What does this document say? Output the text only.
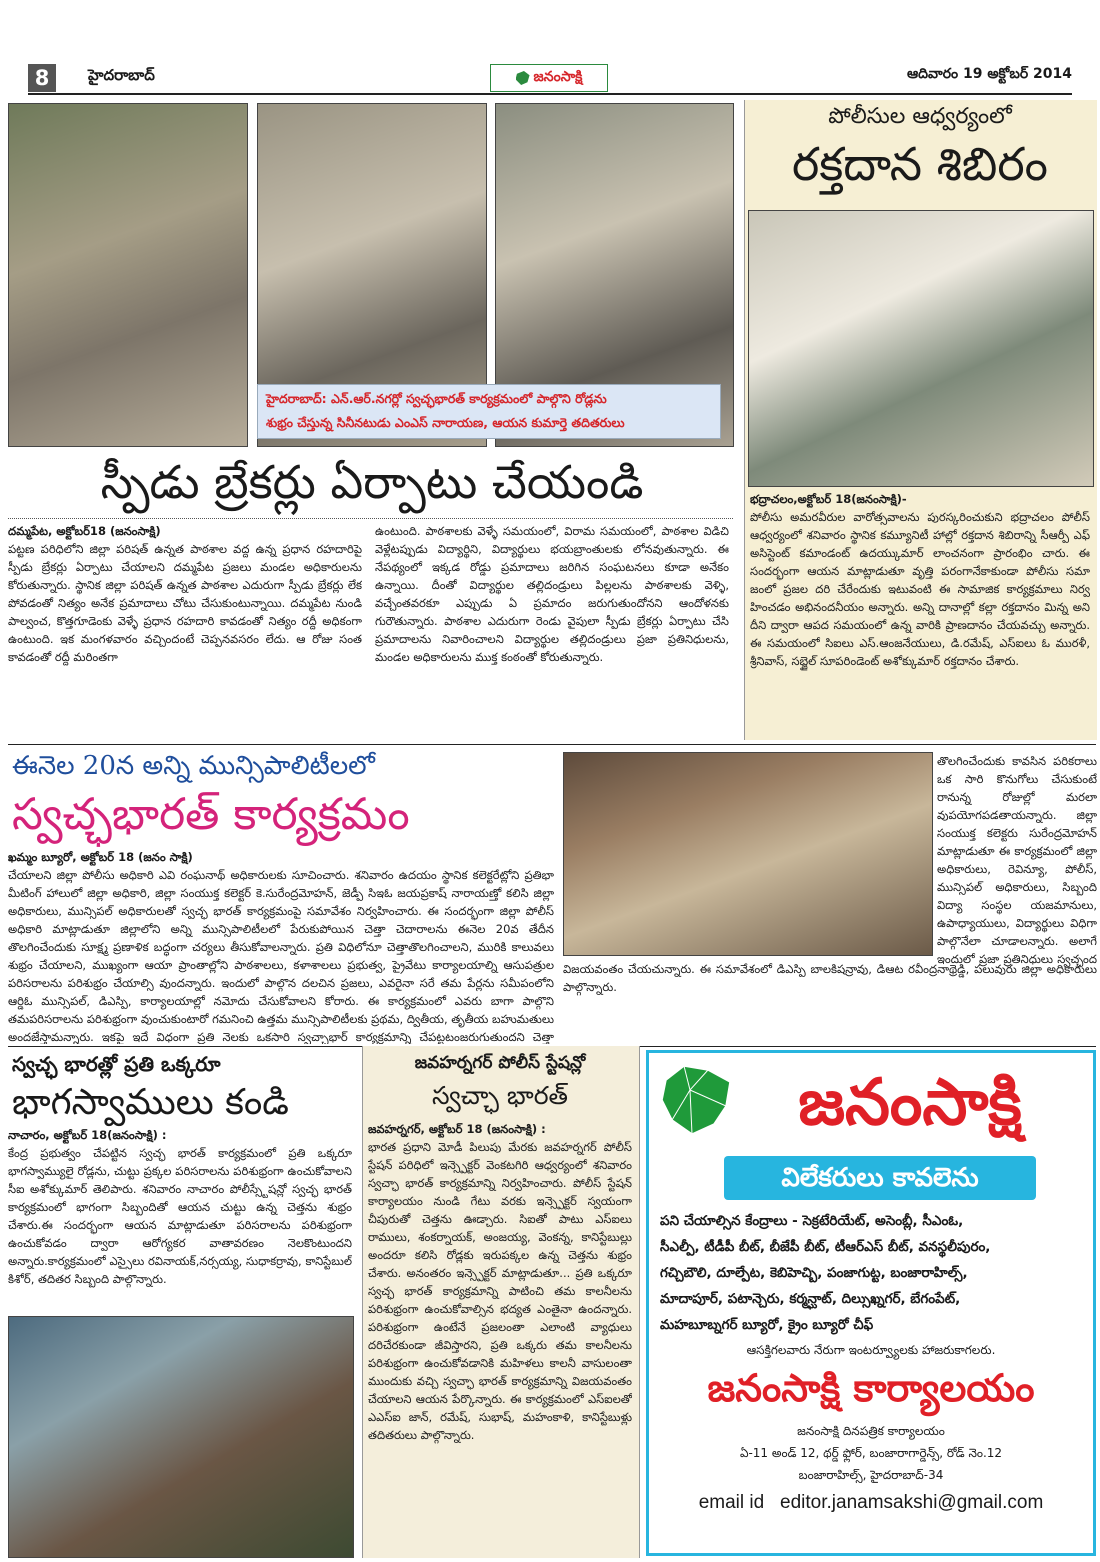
8	హైదరాబాద్	జనంసాక్షి	ఆదివారం 19 అక్టోబర్ 2014
హైదరాబాద్: ఎన్.ఆర్.నగర్లో స్వచ్ఛభారత్ కార్యక్రమంలో పాల్గొని రోడ్లను
శుభ్రం చేస్తున్న సినీనటుడు ఎంఎస్ నారాయణ, ఆయన కుమార్తె తదితరులు
స్పీడు బ్రేకర్లు ఏర్పాటు చేయండి
దమ్మపేట, అక్టోబర్18 (జనంసాక్షి)
పట్టణ పరిధిలోని జిల్లా పరిషత్ ఉన్నత పాఠశాల వద్ద ఉన్న ప్రధాన రహదారిపై స్పీడు బ్రేకర్లు ఏర్పాటు చేయాలని దమ్మపేట ప్రజలు మండల అధికారులను కోరుతున్నారు. స్థానిక జిల్లా పరిషత్ ఉన్నత పాఠశాల ఎదురుగా స్పీడు బ్రేకర్లు లేక పోవడంతో నిత్యం అనేక ప్రమాదాలు చోటు చేసుకుంటున్నాయి. దమ్మపేట నుండి పాల్వంచ, కొత్తగూడెంకు వెళ్ళే ప్రధాన రహదారి కావడంతో నిత్యం రద్దీ అధికంగా ఉంటుంది. ఇక మంగళవారం వచ్చిందంటే చెప్పనవసరం లేదు. ఆ రోజు సంత కావడంతో రద్దీ మరింతగా
ఉంటుంది. పాఠశాలకు వెళ్ళే సమయంలో, విరామ సమయంలో, పాఠశాల విడిచి వెళ్లేటప్పుడు విద్యార్థిని, విద్యార్థులు భయబ్రాంతులకు లోనవుతున్నారు. ఈ నేపథ్యంలో ఇక్కడ రోడ్డు ప్రమాదాలు జరిగిన సంఘటనలు కూడా అనేకం ఉన్నాయి. దీంతో విద్యార్థుల తల్లిదండ్రులు పిల్లలను పాఠశాలకు వెళ్ళి, వచ్చేంతవరకూ ఎప్పుడు ఏ ప్రమాదం జరుగుతుందోనని ఆందోళనకు గురౌతున్నారు. పాఠశాల ఎదురుగా రెండు వైపులా స్పీడు బ్రేకర్లు ఏర్పాటు చేసి ప్రమాదాలను నివారించాలని విద్యార్థుల తల్లిదండ్రులు ప్రజా ప్రతినిధులను, మండల అధికారులను ముక్త కంఠంతో కోరుతున్నారు.
పోలీసుల ఆధ్వర్యంలో
రక్తదాన శిబిరం
భద్రాచలం,అక్టోబర్ 18(జనంసాక్షి)-
పోలీసు అమరవీరుల వారోత్సవాలను పురస్కరించుకుని భద్రాచలం పోలీస్ ఆధ్వర్యంలో శనివారం స్థానిక కమ్యూనిటీ హాల్లో రక్తదాన శిబిరాన్ని సీఆర్పీ ఎఫ్ అసిస్టెంట్ కమాండంట్ ఉదయ్కుమార్ లాంచనంగా ప్రారంభిం చారు. ఈ సందర్భంగా ఆయన మాట్లాడుతూ వృత్తి పరంగానేకాకుండా పోలీసు సమా జంలో ప్రజల దరి చేరేందుకు ఇటువంటి ఈ సామాజిక కార్యక్రమాలు నిర్వ హించడం అభినందనీయం అన్నారు. అన్ని దానాల్లో కల్లా రక్తదానం మిన్న అని దీని ద్వారా ఆపద సమయంలో ఉన్న వారికి ప్రాణదానం చేయవచ్చు అన్నారు. ఈ సమయంలో సిఐలు ఎస్.ఆంజనేయులు, డి.రమేష్, ఎస్ఐలు ఓ మురళీ, శ్రీనివాస్, సబ్జైల్ సూపరిండెంట్ అశోక్కుమార్ రక్తదానం చేశారు.
ఈనెల 20న అన్ని మున్సిపాలిటీలలో
స్వచ్ఛభారత్ కార్యక్రమం
ఖమ్మం బ్యూరో, అక్టోబర్ 18 (జనం సాక్షి)
చేయాలని జిల్లా పోలీసు అధికారి ఎవి రంఘనాథ్ అధికారులకు సూచించారు. శనివారం ఉదయం స్థానిక కలెక్టరేట్లోని ప్రతిభా మీటింగ్ హాలులో జిల్లా అధికారి, జిల్లా సంయుక్త కలెక్టర్ కె.సురేంద్రమోహన్, జెడ్పీ సిఇఓ జయప్రకాష్ నారాయణ్తో కలిసి జిల్లా అధికారులు, మున్సిపల్ అధికారులతో స్వచ్ఛ భారత్ కార్యక్రమంపై సమావేశం నిర్వహించారు. ఈ సందర్భంగా జిల్లా పోలీస్ అధికారి మాట్లాడుతూ జిల్లాలోని అన్ని మున్సిపాలిటీలలో పేరుకుపోయిన చెత్తా చెదారాలను ఈనెల 20వ తేదీన తొలగించేందుకు సూక్ష్మ ప్రణాళిక బద్ధంగా చర్యలు తీసుకోవాలన్నారు. ప్రతి విధిలోనూ చెత్తాతొలగించాలని, మురికి కాలువలు శుభ్రం చేయాలని, ముఖ్యంగా ఆయా ప్రాంతాల్లోని పాఠశాలలు, కళాశాలలు ప్రభుత్వ, ప్రైవేటు కార్యాలయాల్ని ఆసుపత్రుల పరిసరాలను పరిశుభ్రం చేయాల్సి వుందన్నారు. ఇందులో పాల్గొన దలచిన ప్రజలు, ఎవరైనా సరే తమ పేర్లను సమీపంలోని ఆర్డిఓ మున్సిపల్, డిఎస్పి, కార్యాలయాల్లో నమోదు చేసుకోవాలని కోరారు. ఈ కార్యక్రమంలో ఎవరు బాగా పాల్గొని తమపరిసరాలను పరిశుభ్రంగా వుంచుకుంటారో గమనించి ఉత్తమ మున్సిపాలిటీలకు ప్రథమ, ద్వితీయ, తృతీయ బహుమతులు అందజేస్తామన్నారు. ఇకపై ఇదే విధంగా ప్రతి నెలకు ఒకసారి స్వచ్ఛాభార్ కార్యక్రమాన్ని చేపట్టటంజరుగుతుందని చెత్తా
తొలగించేందుకు కావసిన పరికరాలు ఒక సారి కొనుగోలు చేసుకుంటే రానున్న రోజుల్లో మరలా వుపయోగపడతాయన్నారు. జిల్లా సంయుక్త కలెక్టరు సురేంద్రమోహన్ మాట్లాడుతూ ఈ కార్యక్రమంలో జిల్లా అధికారులు, రెవిన్యూ, పోలీస్, మున్సిపల్ అధికారులు, సిబ్బంది విద్యా సంస్థల యజమానులు, ఉపాధ్యాయులు, విద్యార్థులు విధిగా పాల్గొనేలా చూడాలన్నారు. అలాగే ఇందులో ప్రజా ప్రతినిధులు స్వచ్ఛంద
విజయవంతం చేయచున్నారు. ఈ సమావేశంలో డిఎస్పి బాలకిషన్రావు, డిఆట రవీంద్రనాథ్రెడ్డి, పలువురు జిల్లా అధికారులు పాల్గొన్నారు.
స్వచ్ఛ భారత్లో ప్రతి ఒక్కరూ
భాగస్వాములు కండి
నాచారం, అక్టోబర్ 18(జనంసాక్షి) :
కేంద్ర ప్రభుత్వం చేపట్టిన స్వచ్ఛ భారత్ కార్యక్రమంలో ప్రతి ఒక్కరూ భాగస్వామ్యులై రోడ్లను, చుట్టు ప్రక్కల పరిసరాలను పరిశుభ్రంగా ఉంచుకోవాలని సీఐ అశోక్కుమార్ తెలిపారు. శనివారం నాచారం పోలీస్స్టేషన్లో స్వచ్ఛ భారత్ కార్యక్రమంలో భాగంగా సిబ్బందితో ఆయన చుట్టు ఉన్న చెత్తను శుభ్రం చేశారు.ఈ సందర్భంగా ఆయన మాట్లాడుతూ పరిసరాలను పరిశుభ్రంగా ఉంచుకోవడం ద్వారా ఆరోగ్యకర వాతావరణం నెలకొంటుందని అన్నారు.కార్యక్రమంలో ఎస్సైలు రవినాయక్,నర్సయ్య, సుధాకర్రావు, కానిస్టేబుల్ కిశోర్, తదితర సిబ్బంది పాల్గొన్నారు.
జవహర్నగర్ పోలీస్ స్టేషన్లో
స్వచ్ఛా భారత్
జవహర్నగర్, అక్టోబర్ 18 (జనంసాక్షి) :
భారత ప్రధాని మోడీ పిలుపు మేరకు జవహర్నగర్ పోలీస్ స్టేషన్ పరిధిలో ఇన్స్పెక్టర్ వెంకటగిరి ఆధ్వర్యంలో శనివారం స్వచ్ఛా భారత్ కార్యక్రమాన్ని నిర్వహించారు. పోలీస్ స్టేషన్ కార్యాలయం నుండి గేటు వరకు ఇన్స్పెక్టర్ స్వయంగా చీపురుతో చెత్తను ఊడ్చారు. సిఐతో పాటు ఎస్ఐలు రాములు, శంకర్నాయక్, అంజయ్య, వెంకన్న, కానిస్టేబుల్లు అందరూ కలిసి రోడ్లకు ఇరుపక్కల ఉన్న చెత్తను శుభ్రం చేశారు. అనంతరం ఇన్స్పెక్టర్ మాట్లాడుతూ... ప్రతి ఒక్కరూ స్వచ్ఛ భారత్ కార్యక్రమాన్ని పాటించి తమ కాలనీలను పరిశుభ్రంగా ఉంచుకోవాల్సిన భద్యత ఎంతైనా ఉందన్నారు. పరిశుభ్రంగా ఉంటేనే ప్రజలంతా ఎలాంటి వ్యాధులు దరిచేరకుండా జీవిస్తారని, ప్రతి ఒక్కరు తమ కాలనీలను పరిశుభ్రంగా ఉంచుకోవడానికి మహిళలు కాలనీ వాసులంతా ముందుకు వచ్చి స్వచ్ఛా భారత్ కార్యక్రమాన్ని విజయవంతం చేయాలని ఆయన పేర్కొన్నారు. ఈ కార్యక్రమంలో ఎస్ఐలతో ఎఎస్ఐ జాన్, రమేష్, సుభాష్, మహంకాళి, కానిస్టేబుళ్లు తదితరులు పాల్గొన్నారు.
జనంసాక్షి
విలేకరులు కావలెను
పని చేయాల్సిన కేంద్రాలు - సెక్రటేరియేట్, అసెంబ్లీ, సీఎంఓ,
సీఎల్పీ, టీడీపీ బీట్, బీజేపీ బీట్, టీఆర్ఎస్ బీట్, వనస్థలీపురం,
గచ్చిబౌలి, దూల్పేట, కెబిహెచ్బి, పంజాగుట్ట, బంజారాహిల్స్,
మాదాపూర్, పటాన్చెరు, కర్మన్ఘాట్, దిల్సుఖ్నగర్, బేగంపేట్,
మహబూబ్నగర్ బ్యూరో, క్రైం బ్యూరో చీఫ్
ఆసక్తిగలవారు నేరుగా ఇంటర్వ్యూలకు హాజరుకాగలరు.
జనంసాక్షి కార్యాలయం
జనంసాక్షి దినపత్రిక కార్యాలయం
ఏ-11 అండ్ 12, థర్డ్ ఫ్లోర్, బంజారాగార్డెన్స్, రోడ్ నెం.12
బంజారాహిల్స్, హైదరాబాద్-34
email id editor.janamsakshi@gmail.com
